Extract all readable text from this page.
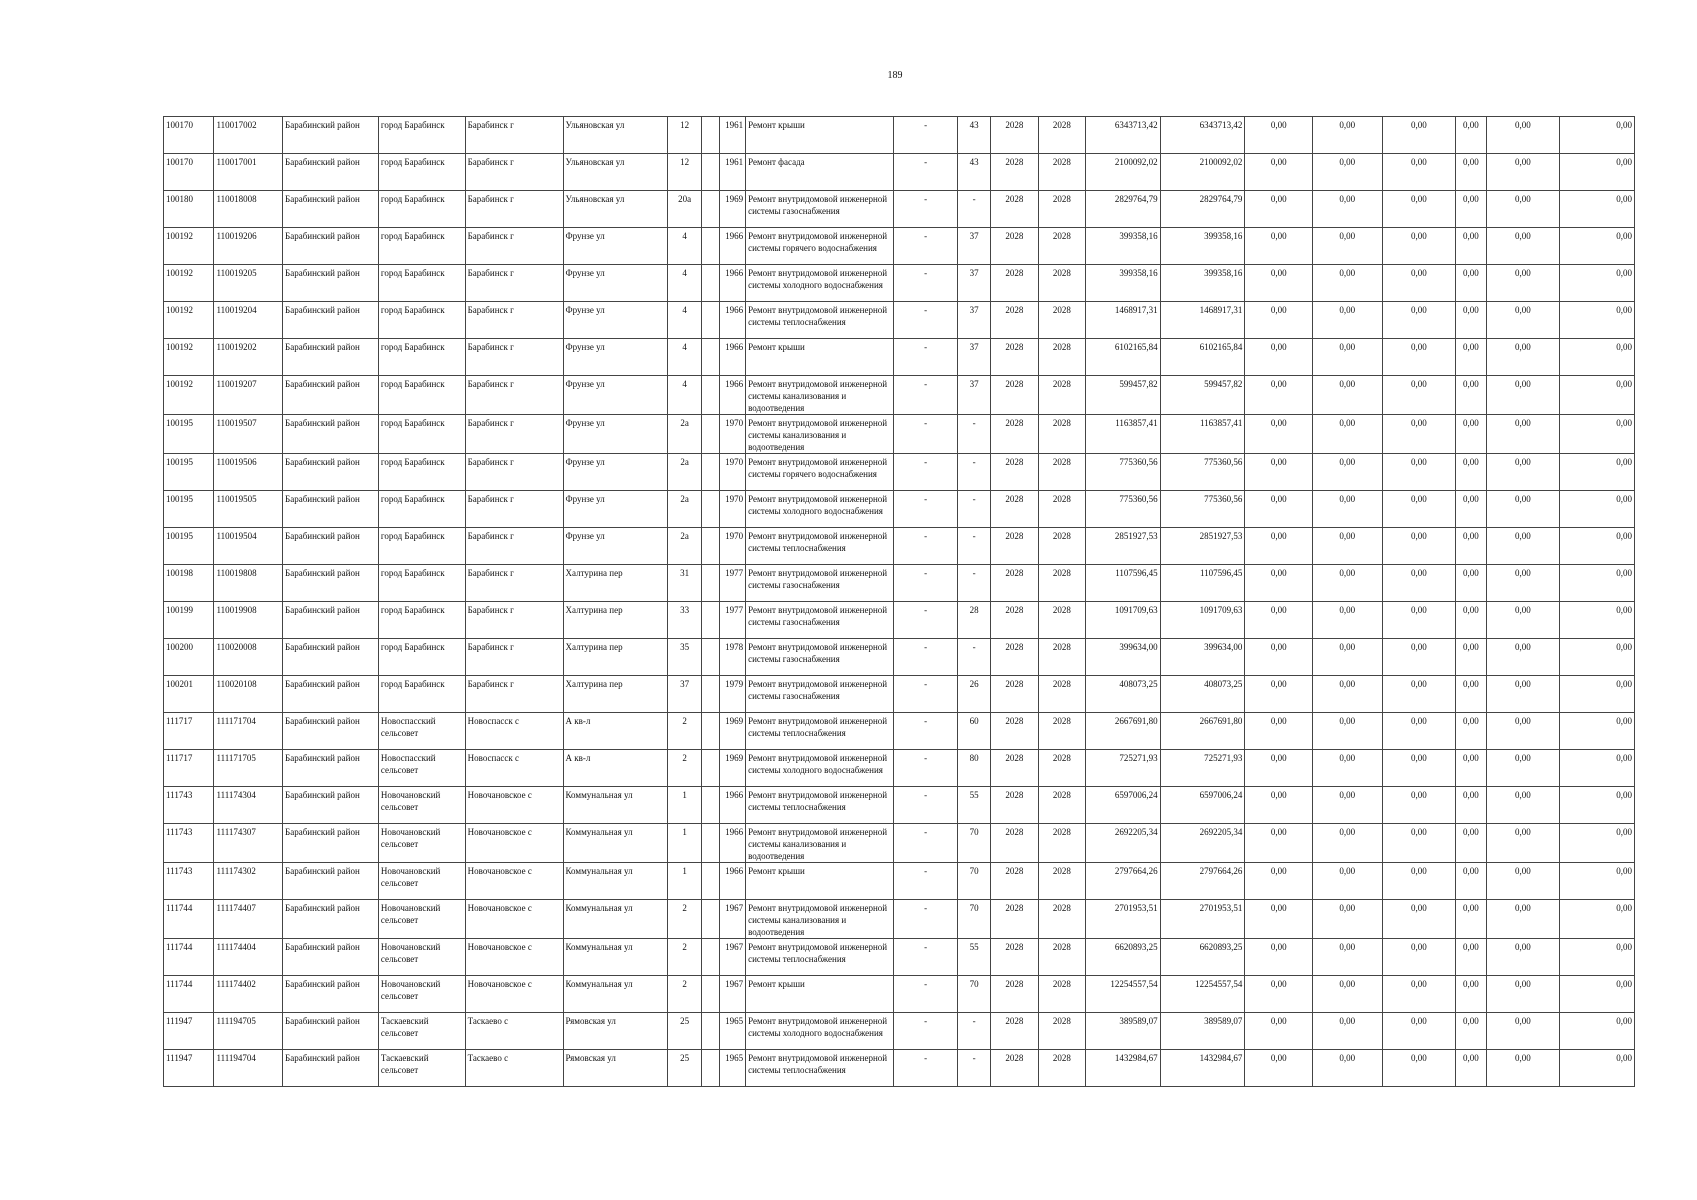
189
100170	110017002	Барабинский район	город Барабинск	Барабинск г	Ульяновская ул	12		1961	Ремонт крыши	-	43	2028	2028	6343713,42	6343713,42	0,00	0,00	0,00	0,00	0,00	0,00
100170	110017001	Барабинский район	город Барабинск	Барабинск г	Ульяновская ул	12		1961	Ремонт фасада	-	43	2028	2028	2100092,02	2100092,02	0,00	0,00	0,00	0,00	0,00	0,00
100180	110018008	Барабинский район	город Барабинск	Барабинск г	Ульяновская ул	20а		1969	Ремонт внутридомовой инженерной системы газоснабжения	-	-	2028	2028	2829764,79	2829764,79	0,00	0,00	0,00	0,00	0,00	0,00
100192	110019206	Барабинский район	город Барабинск	Барабинск г	Фрунзе ул	4		1966	Ремонт внутридомовой инженерной системы горячего водоснабжения	-	37	2028	2028	399358,16	399358,16	0,00	0,00	0,00	0,00	0,00	0,00
100192	110019205	Барабинский район	город Барабинск	Барабинск г	Фрунзе ул	4		1966	Ремонт внутридомовой инженерной системы холодного водоснабжения	-	37	2028	2028	399358,16	399358,16	0,00	0,00	0,00	0,00	0,00	0,00
100192	110019204	Барабинский район	город Барабинск	Барабинск г	Фрунзе ул	4		1966	Ремонт внутридомовой инженерной системы теплоснабжения	-	37	2028	2028	1468917,31	1468917,31	0,00	0,00	0,00	0,00	0,00	0,00
100192	110019202	Барабинский район	город Барабинск	Барабинск г	Фрунзе ул	4		1966	Ремонт крыши	-	37	2028	2028	6102165,84	6102165,84	0,00	0,00	0,00	0,00	0,00	0,00
100192	110019207	Барабинский район	город Барабинск	Барабинск г	Фрунзе ул	4		1966	Ремонт внутридомовой инженерной системы канализования и водоотведения	-	37	2028	2028	599457,82	599457,82	0,00	0,00	0,00	0,00	0,00	0,00
100195	110019507	Барабинский район	город Барабинск	Барабинск г	Фрунзе ул	2а		1970	Ремонт внутридомовой инженерной системы канализования и водоотведения	-	-	2028	2028	1163857,41	1163857,41	0,00	0,00	0,00	0,00	0,00	0,00
100195	110019506	Барабинский район	город Барабинск	Барабинск г	Фрунзе ул	2а		1970	Ремонт внутридомовой инженерной системы горячего водоснабжения	-	-	2028	2028	775360,56	775360,56	0,00	0,00	0,00	0,00	0,00	0,00
100195	110019505	Барабинский район	город Барабинск	Барабинск г	Фрунзе ул	2а		1970	Ремонт внутридомовой инженерной системы холодного водоснабжения	-	-	2028	2028	775360,56	775360,56	0,00	0,00	0,00	0,00	0,00	0,00
100195	110019504	Барабинский район	город Барабинск	Барабинск г	Фрунзе ул	2а		1970	Ремонт внутридомовой инженерной системы теплоснабжения	-	-	2028	2028	2851927,53	2851927,53	0,00	0,00	0,00	0,00	0,00	0,00
100198	110019808	Барабинский район	город Барабинск	Барабинск г	Халтурина пер	31		1977	Ремонт внутридомовой инженерной системы газоснабжения	-	-	2028	2028	1107596,45	1107596,45	0,00	0,00	0,00	0,00	0,00	0,00
100199	110019908	Барабинский район	город Барабинск	Барабинск г	Халтурина пер	33		1977	Ремонт внутридомовой инженерной системы газоснабжения	-	28	2028	2028	1091709,63	1091709,63	0,00	0,00	0,00	0,00	0,00	0,00
100200	110020008	Барабинский район	город Барабинск	Барабинск г	Халтурина пер	35		1978	Ремонт внутридомовой инженерной системы газоснабжения	-	-	2028	2028	399634,00	399634,00	0,00	0,00	0,00	0,00	0,00	0,00
100201	110020108	Барабинский район	город Барабинск	Барабинск г	Халтурина пер	37		1979	Ремонт внутридомовой инженерной системы газоснабжения	-	26	2028	2028	408073,25	408073,25	0,00	0,00	0,00	0,00	0,00	0,00
111717	111171704	Барабинский район	Новоспасский сельсовет	Новоспасск с	А кв-л	2		1969	Ремонт внутридомовой инженерной системы теплоснабжения	-	60	2028	2028	2667691,80	2667691,80	0,00	0,00	0,00	0,00	0,00	0,00
111717	111171705	Барабинский район	Новоспасский сельсовет	Новоспасск с	А кв-л	2		1969	Ремонт внутридомовой инженерной системы холодного водоснабжения	-	80	2028	2028	725271,93	725271,93	0,00	0,00	0,00	0,00	0,00	0,00
111743	111174304	Барабинский район	Новочановский сельсовет	Новочановское с	Коммунальная ул	1		1966	Ремонт внутридомовой инженерной системы теплоснабжения	-	55	2028	2028	6597006,24	6597006,24	0,00	0,00	0,00	0,00	0,00	0,00
111743	111174307	Барабинский район	Новочановский сельсовет	Новочановское с	Коммунальная ул	1		1966	Ремонт внутридомовой инженерной системы канализования и водоотведения	-	70	2028	2028	2692205,34	2692205,34	0,00	0,00	0,00	0,00	0,00	0,00
111743	111174302	Барабинский район	Новочановский сельсовет	Новочановское с	Коммунальная ул	1		1966	Ремонт крыши	-	70	2028	2028	2797664,26	2797664,26	0,00	0,00	0,00	0,00	0,00	0,00
111744	111174407	Барабинский район	Новочановский сельсовет	Новочановское с	Коммунальная ул	2		1967	Ремонт внутридомовой инженерной системы канализования и водоотведения	-	70	2028	2028	2701953,51	2701953,51	0,00	0,00	0,00	0,00	0,00	0,00
111744	111174404	Барабинский район	Новочановский сельсовет	Новочановское с	Коммунальная ул	2		1967	Ремонт внутридомовой инженерной системы теплоснабжения	-	55	2028	2028	6620893,25	6620893,25	0,00	0,00	0,00	0,00	0,00	0,00
111744	111174402	Барабинский район	Новочановский сельсовет	Новочановское с	Коммунальная ул	2		1967	Ремонт крыши	-	70	2028	2028	12254557,54	12254557,54	0,00	0,00	0,00	0,00	0,00	0,00
111947	111194705	Барабинский район	Таскаевский сельсовет	Таскаево с	Рямовская ул	25		1965	Ремонт внутридомовой инженерной системы холодного водоснабжения	-	-	2028	2028	389589,07	389589,07	0,00	0,00	0,00	0,00	0,00	0,00
111947	111194704	Барабинский район	Таскаевский сельсовет	Таскаево с	Рямовская ул	25		1965	Ремонт внутридомовой инженерной системы теплоснабжения	-	-	2028	2028	1432984,67	1432984,67	0,00	0,00	0,00	0,00	0,00	0,00
